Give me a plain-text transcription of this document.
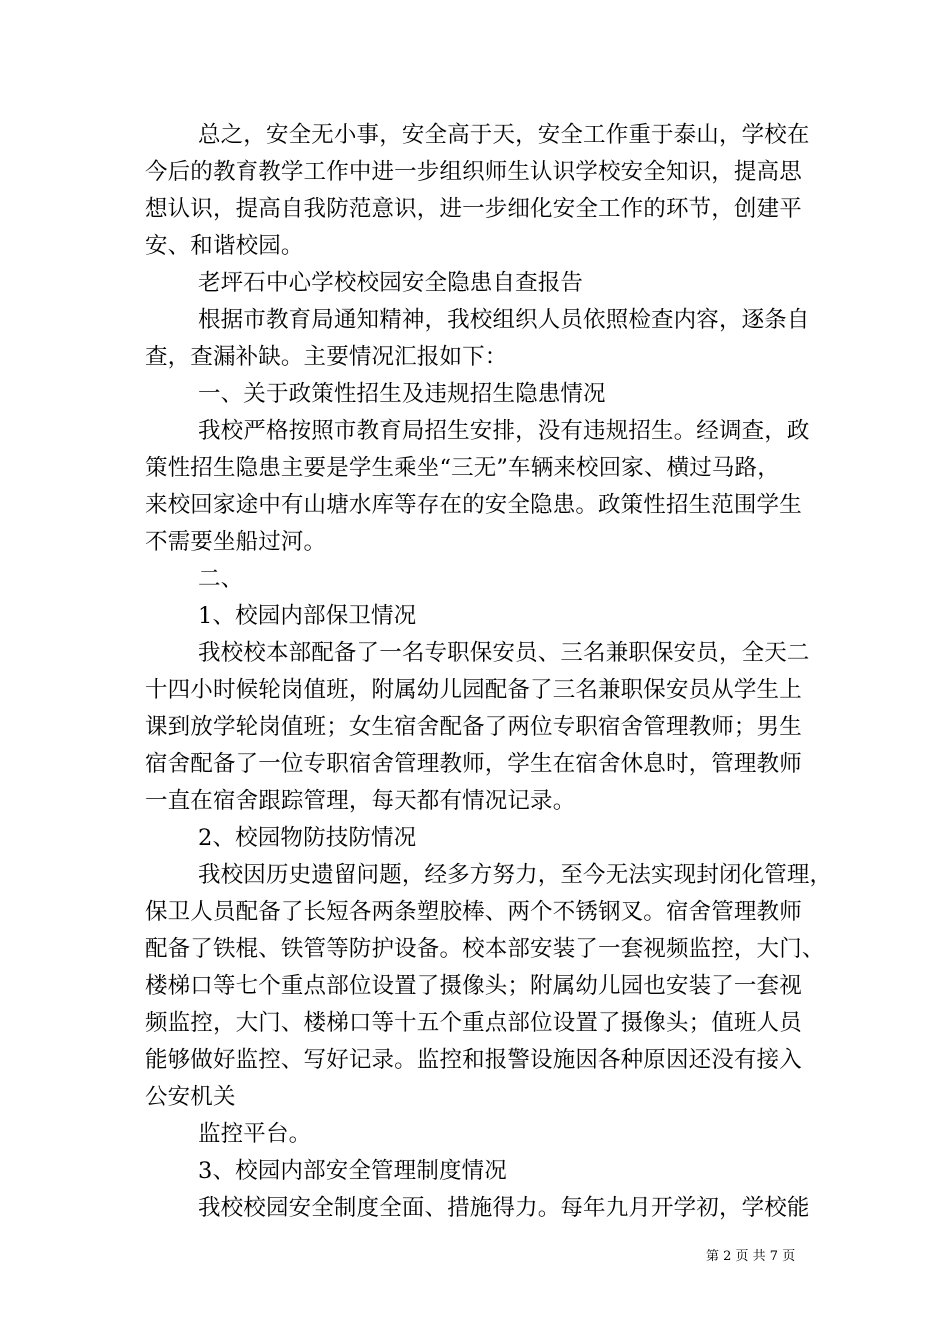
总之，安全无小事，安全高于天，安全工作重于泰山，学校在
今后的教育教学工作中进一步组织师生认识学校安全知识，提高思
想认识，提高自我防范意识，进一步细化安全工作的环节，创建平
安、和谐校园。
老坪石中心学校校园安全隐患自查报告
根据市教育局通知精神，我校组织人员依照检查内容，逐条自
查，查漏补缺。主要情况汇报如下：
一、关于政策性招生及违规招生隐患情况
我校严格按照市教育局招生安排，没有违规招生。经调查，政
策性招生隐患主要是学生乘坐“三无”车辆来校回家、横过马路，
来校回家途中有山塘水库等存在的安全隐患。政策性招生范围学生
不需要坐船过河。
二、
1、校园内部保卫情况
我校校本部配备了一名专职保安员、三名兼职保安员，全天二
十四小时候轮岗值班，附属幼儿园配备了三名兼职保安员从学生上
课到放学轮岗值班；女生宿舍配备了两位专职宿舍管理教师；男生
宿舍配备了一位专职宿舍管理教师，学生在宿舍休息时，管理教师
一直在宿舍跟踪管理，每天都有情况记录。
2、校园物防技防情况
我校因历史遗留问题，经多方努力，至今无法实现封闭化管理，
保卫人员配备了长短各两条塑胶棒、两个不锈钢叉。宿舍管理教师
配备了铁棍、铁管等防护设备。校本部安装了一套视频监控，大门、
楼梯口等七个重点部位设置了摄像头；附属幼儿园也安装了一套视
频监控，大门、楼梯口等十五个重点部位设置了摄像头；值班人员
能够做好监控、写好记录。监控和报警设施因各种原因还没有接入
公安机关
监控平台。
3、校园内部安全管理制度情况
我校校园安全制度全面、措施得力。每年九月开学初，学校能
第 2 页 共 7 页
